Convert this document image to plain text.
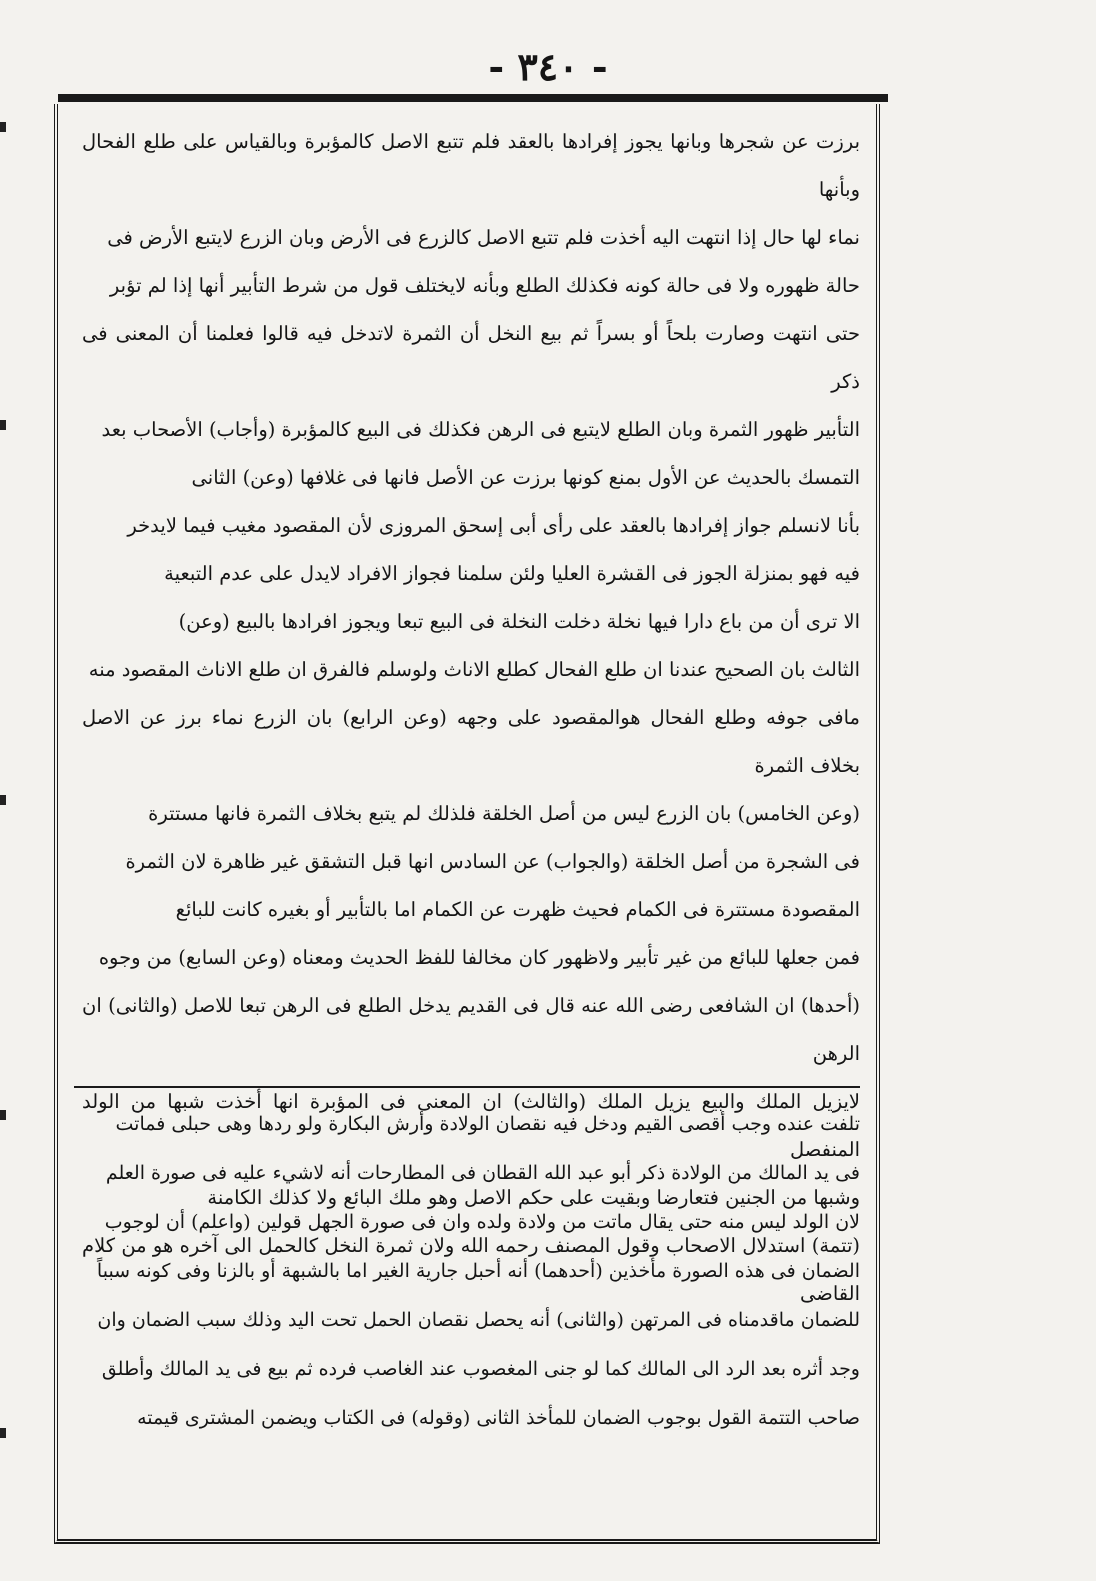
- ٣٤٠ -

برزت عن شجرها وبانها يجوز إفرادها بالعقد فلم تتبع الاصل كالمؤبرة وبالقياس على طلع الفحال وبأنها

نماء لها حال إذا انتهت اليه أخذت فلم تتبع الاصل كالزرع فى الأرض وبان الزرع لايتبع الأرض فى

حالة ظهوره ولا فى حالة كونه فكذلك الطلع وبأنه لايختلف قول من شرط التأبير أنها إذا لم تؤبر

حتى انتهت وصارت بلحاً أو بسراً ثم بيع النخل أن الثمرة لاتدخل فيه قالوا فعلمنا أن المعنى فى ذكر

التأبير ظهور الثمرة وبان الطلع لايتبع فى الرهن فكذلك فى البيع كالمؤبرة (وأجاب) الأصحاب بعد

التمسك بالحديث عن الأول بمنع كونها برزت عن الأصل فانها فى غلافها (وعن) الثانى

بأنا لانسلم جواز إفرادها بالعقد على رأى أبى إسحق المروزى لأن المقصود مغيب فيما لايدخر

فيه فهو بمنزلة الجوز فى القشرة العليا ولئن سلمنا فجواز الافراد لايدل على عدم التبعية

الا ترى أن من باع دارا فيها نخلة دخلت النخلة فى البيع تبعا ويجوز افرادها بالبيع (وعن)

الثالث بان الصحيح عندنا ان طلع الفحال كطلع الاناث ولوسلم فالفرق ان طلع الاناث المقصود منه

مافى جوفه وطلع الفحال هوالمقصود على وجهه (وعن الرابع) بان الزرع نماء برز عن الاصل بخلاف الثمرة

(وعن الخامس) بان الزرع ليس من أصل الخلقة فلذلك لم يتبع بخلاف الثمرة فانها مستترة

فى الشجرة من أصل الخلقة (والجواب) عن السادس انها قبل التشقق غير ظاهرة لان الثمرة

المقصودة مستترة فى الكمام فحيث ظهرت عن الكمام اما بالتأبير أو بغيره كانت للبائع

فمن جعلها للبائع من غير تأبير ولاظهور كان مخالفا للفظ الحديث ومعناه (وعن السابع) من وجوه

(أحدها) ان الشافعى رضى الله عنه قال فى القديم يدخل الطلع فى الرهن تبعا للاصل (والثانى) ان الرهن

لايزيل الملك والبيع يزيل الملك (والثالث) ان المعنى فى المؤبرة انها أخذت شبها من الولد المنفصل

وشبها من الجنين فتعارضا وبقيت على حكم الاصل وهو ملك البائع ولا كذلك الكامنة

(تتمة) استدلال الاصحاب وقول المصنف رحمه الله ولان ثمرة النخل كالحمل الى آخره هو من كلام القاضى

تلفت عنده وجب أقصى القيم ودخل فيه نقصان الولادة وأرش البكارة ولو ردها وهى حبلى فماتت

فى يد المالك من الولادة ذكر أبو عبد الله القطان فى المطارحات أنه لاشيء عليه فى صورة العلم

لان الولد ليس منه حتى يقال ماتت من ولادة ولده وان فى صورة الجهل قولين (واعلم) أن لوجوب

الضمان فى هذه الصورة مأخذين (أحدهما) أنه أحبل جارية الغير اما بالشبهة أو بالزنا وفى كونه سبباً

للضمان ماقدمناه فى المرتهن (والثانى) أنه يحصل نقصان الحمل تحت اليد وذلك سبب الضمان وان

وجد أثره بعد الرد الى المالك كما لو جنى المغصوب عند الغاصب فرده ثم بيع فى يد المالك وأطلق

صاحب التتمة القول بوجوب الضمان للمأخذ الثانى (وقوله) فى الكتاب ويضمن المشترى قيمته
